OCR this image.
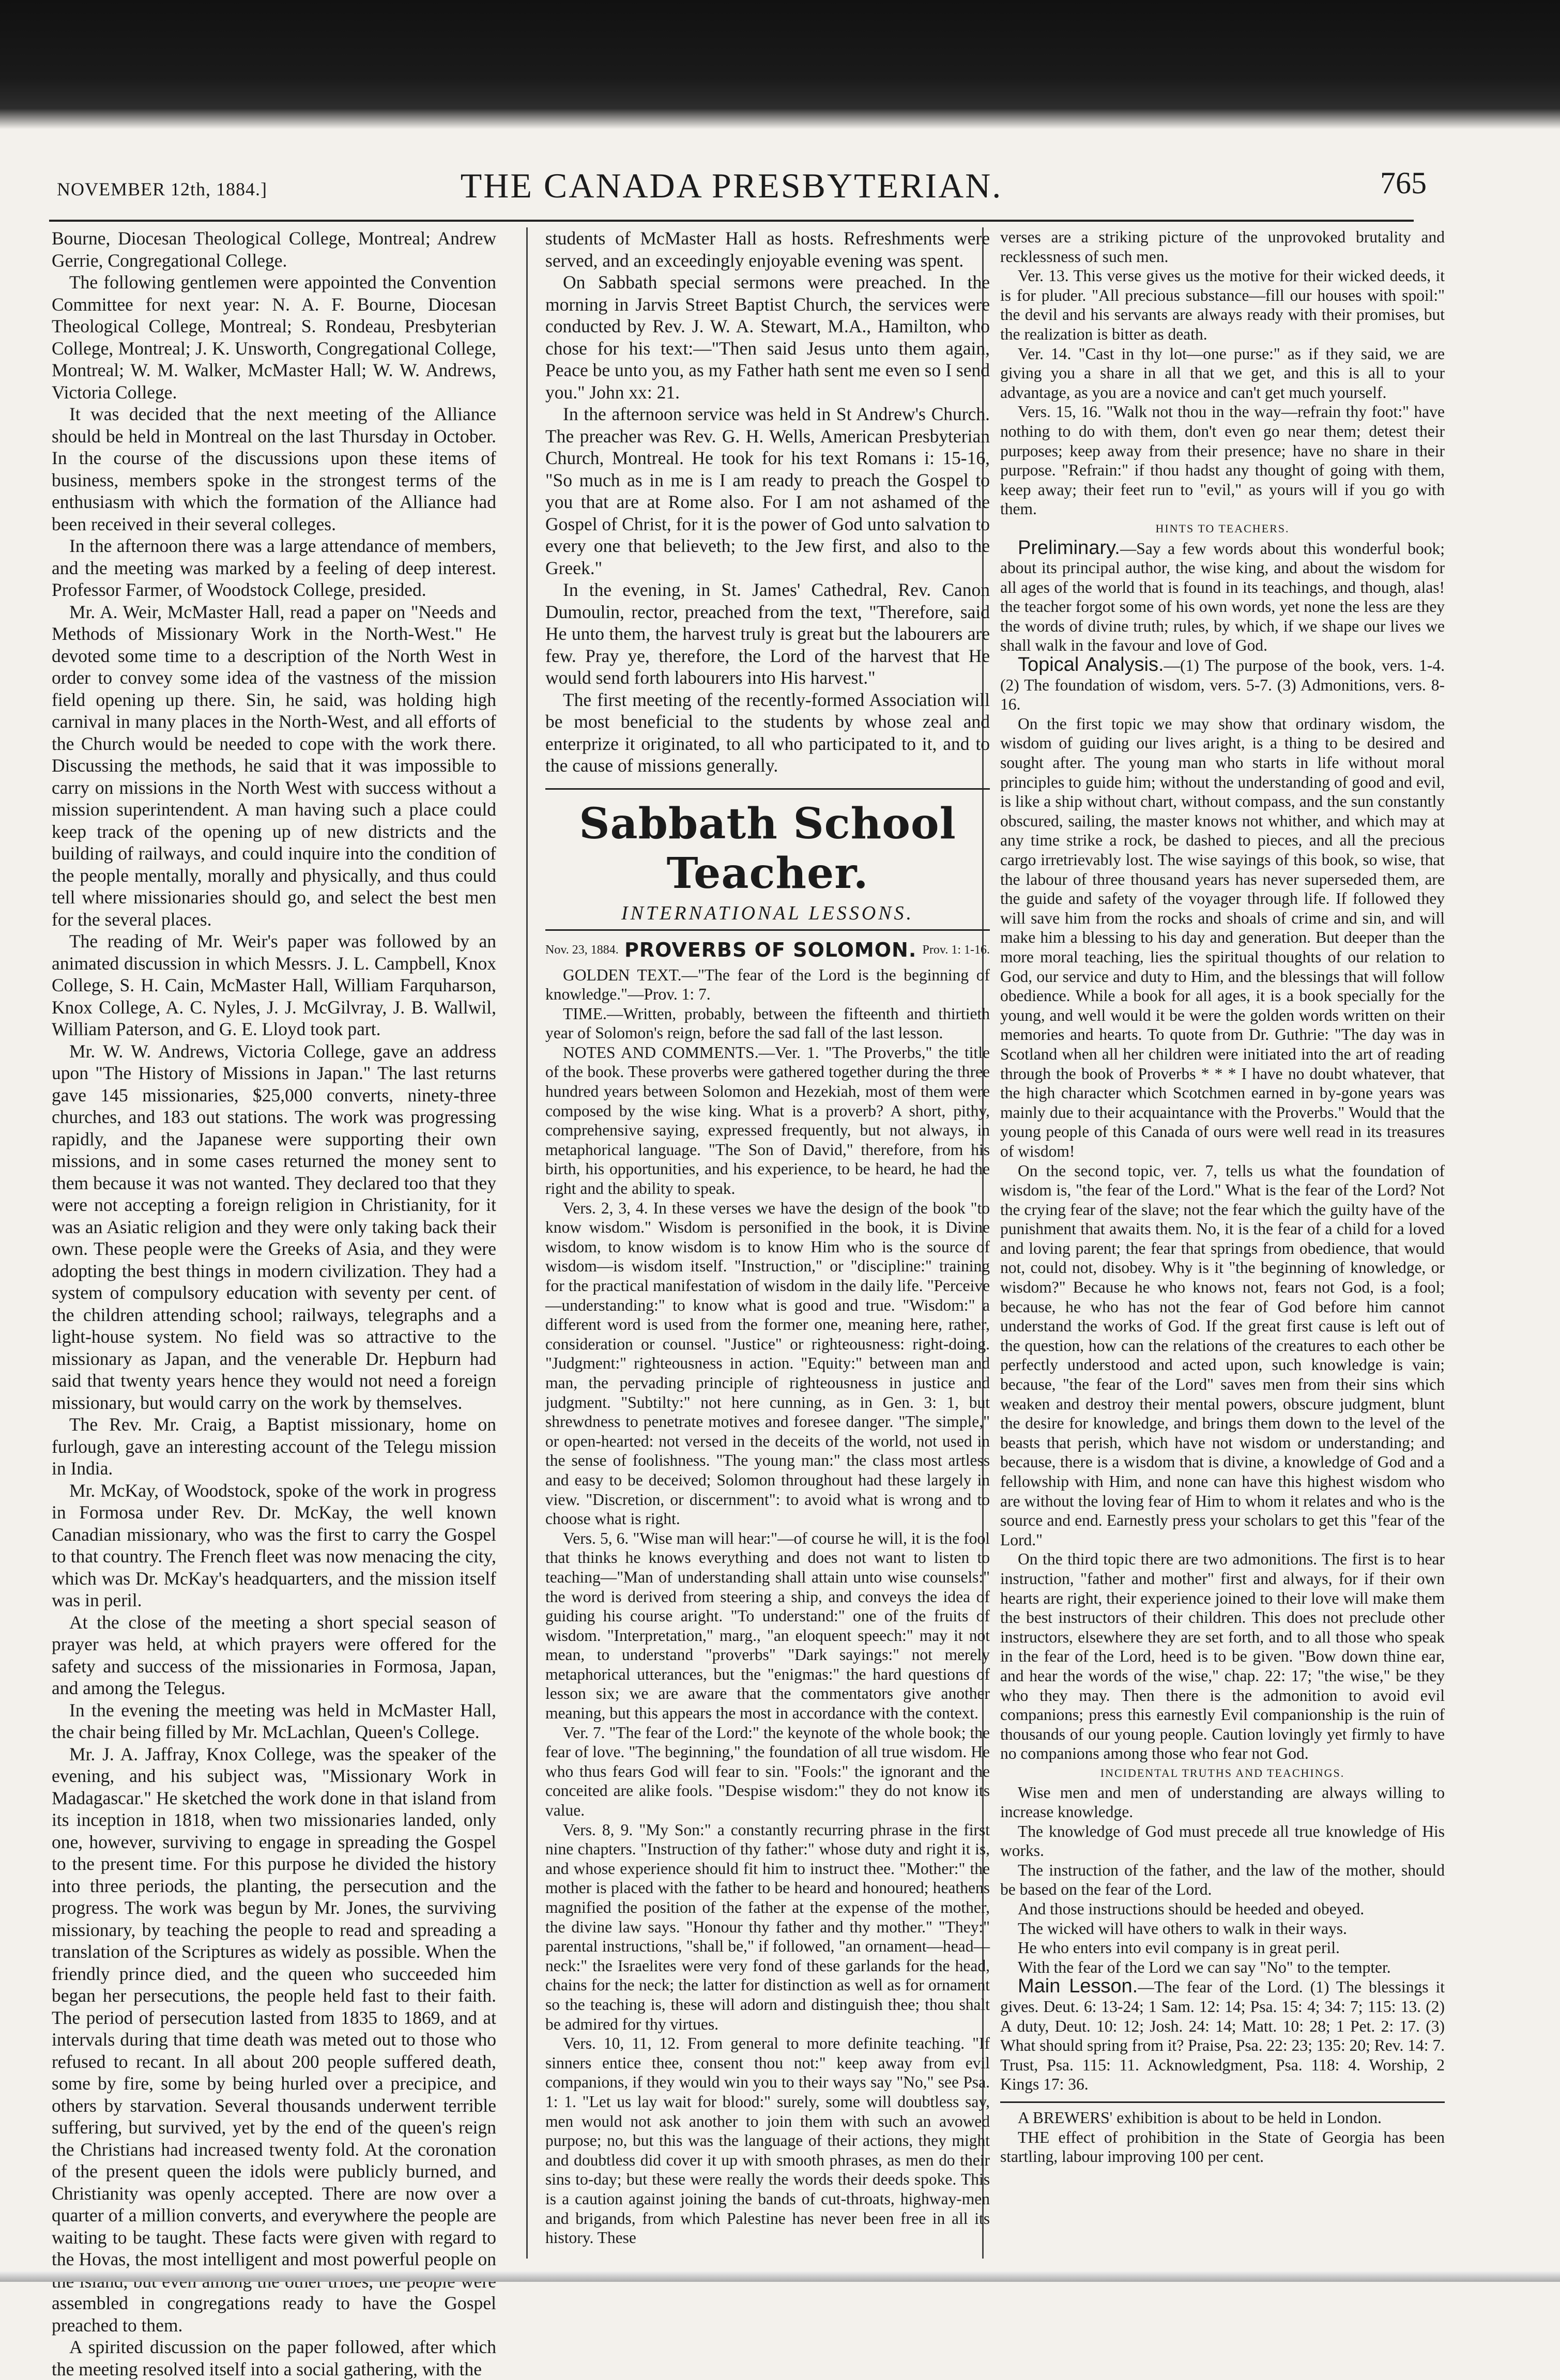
NOVEMBER 12th, 1884.]	THE CANADA PRESBYTERIAN.	765

Bourne, Diocesan Theological College, Montreal; Andrew Gerrie, Congregational College.

The following gentlemen were appointed the Convention Committee for next year: N. A. F. Bourne, Diocesan Theological College, Montreal; S. Rondeau, Presbyterian College, Montreal; J. K. Unsworth, Congregational College, Montreal; W. M. Walker, McMaster Hall; W. W. Andrews, Victoria College.

It was decided that the next meeting of the Alliance should be held in Montreal on the last Thursday in October. In the course of the discussions upon these items of business, members spoke in the strongest terms of the enthusiasm with which the formation of the Alliance had been received in their several colleges.

In the afternoon there was a large attendance of members, and the meeting was marked by a feeling of deep interest. Professor Farmer, of Woodstock College, presided.

Mr. A. Weir, McMaster Hall, read a paper on "Needs and Methods of Missionary Work in the North-West." He devoted some time to a description of the North West in order to convey some idea of the vastness of the mission field opening up there. Sin, he said, was holding high carnival in many places in the North-West, and all efforts of the Church would be needed to cope with the work there. Discussing the methods, he said that it was impossible to carry on missions in the North West with success without a mission superintendent. A man having such a place could keep track of the opening up of new districts and the building of railways, and could inquire into the condition of the people mentally, morally and physically, and thus could tell where missionaries should go, and select the best men for the several places.

The reading of Mr. Weir's paper was followed by an animated discussion in which Messrs. J. L. Campbell, Knox College, S. H. Cain, McMaster Hall, William Farquharson, Knox College, A. C. Nyles, J. J. McGilvray, J. B. Wallwil, William Paterson, and G. E. Lloyd took part.

Mr. W. W. Andrews, Victoria College, gave an address upon "The History of Missions in Japan." The last returns gave 145 missionaries, $25,000 converts, ninety-three churches, and 183 out stations. The work was progressing rapidly, and the Japanese were supporting their own missions, and in some cases returned the money sent to them because it was not wanted. They declared too that they were not accepting a foreign religion in Christianity, for it was an Asiatic religion and they were only taking back their own. These people were the Greeks of Asia, and they were adopting the best things in modern civilization. They had a system of compulsory education with seventy per cent. of the children attending school; railways, telegraphs and a light-house system. No field was so attractive to the missionary as Japan, and the venerable Dr. Hepburn had said that twenty years hence they would not need a foreign missionary, but would carry on the work by themselves.

The Rev. Mr. Craig, a Baptist missionary, home on furlough, gave an interesting account of the Telegu mission in India.

Mr. McKay, of Woodstock, spoke of the work in progress in Formosa under Rev. Dr. McKay, the well known Canadian missionary, who was the first to carry the Gospel to that country. The French fleet was now menacing the city, which was Dr. McKay's headquarters, and the mission itself was in peril.

At the close of the meeting a short special season of prayer was held, at which prayers were offered for the safety and success of the missionaries in Formosa, Japan, and among the Telegus.

In the evening the meeting was held in McMaster Hall, the chair being filled by Mr. McLachlan, Queen's College.

Mr. J. A. Jaffray, Knox College, was the speaker of the evening, and his subject was, "Missionary Work in Madagascar." He sketched the work done in that island from its inception in 1818, when two missionaries landed, only one, however, surviving to engage in spreading the Gospel to the present time. For this purpose he divided the history into three periods, the planting, the persecution and the progress. The work was begun by Mr. Jones, the surviving missionary, by teaching the people to read and spreading a translation of the Scriptures as widely as possible. When the friendly prince died, and the queen who succeeded him began her persecutions, the people held fast to their faith. The period of persecution lasted from 1835 to 1869, and at intervals during that time death was meted out to those who refused to recant. In all about 200 people suffered death, some by fire, some by being hurled over a precipice, and others by starvation. Several thousands underwent terrible suffering, but survived, yet by the end of the queen's reign the Christians had increased twenty fold. At the coronation of the present queen the idols were publicly burned, and Christianity was openly accepted. There are now over a quarter of a million converts, and everywhere the people are waiting to be taught. These facts were given with regard to the Hovas, the most intelligent and most powerful people on assembled in congregations ready to have the Gospel preached to them.

A spirited discussion on the paper followed, after which the meeting resolved itself into a social gathering, with the

students of McMaster Hall as hosts. Refreshments were served, and an exceedingly enjoyable evening was spent.

On Sabbath special sermons were preached. In the morning in Jarvis Street Baptist Church, the services were conducted by Rev. J. W. A. Stewart, M.A., Hamilton, who chose for his text:—"Then said Jesus unto them again, Peace be unto you, as my Father hath sent me even so I send you." John xx: 21.

In the afternoon service was held in St Andrew's Church. The preacher was Rev. G. H. Wells, American Presbyterian Church, Montreal. He took for his text Romans i: 15-16, "So much as in me is I am ready to preach the Gospel to you that are at Rome also. For I am not ashamed of the Gospel of Christ, for it is the power of God unto salvation to every one that believeth; to the Jew first, and also to the Greek."

In the evening, in St. James' Cathedral, Rev. Canon Dumoulin, rector, preached from the text, "Therefore, said He unto them, the harvest truly is great but the labourers are few. Pray ye, therefore, the Lord of the harvest that He would send forth labourers into His harvest."

The first meeting of the recently-formed Association will be most beneficial to the students by whose zeal and enterprize it originated, to all who participated to it, and to the cause of missions generally.

Sabbath School Teacher.
INTERNATIONAL LESSONS.
Nov. 23, 1884. PROVERBS OF SOLOMON. Prov. 1: 1-16.

GOLDEN TEXT.—"The fear of the Lord is the beginning of knowledge."—Prov. 1: 7.

TIME.—Written, probably, between the fifteenth and thirtieth year of Solomon's reign, before the sad fall of the last lesson.

NOTES AND COMMENTS.—Ver. 1. "The Proverbs," the title of the book. These proverbs were gathered together during the three hundred years between Solomon and Hezekiah, most of them were composed by the wise king. What is a proverb? A short, pithy, comprehensive saying, expressed frequently, but not always, in metaphorical language. "The Son of David," therefore, from his birth, his opportunities, and his experience, to be heard, he had the right and the ability to speak.

Vers. 2, 3, 4. In these verses we have the design of the book "to know wisdom." Wisdom is personified in the book, it is Divine wisdom, to know wisdom is to know Him who is the source of wisdom—is wisdom itself. "Instruction," or "discipline:" training for the practical manifestation of wisdom in the daily life. "Perceive—understanding:" to know what is good and true. "Wisdom:" a different word is used from the former one, meaning here, rather, consideration or counsel. "Justice" or righteousness: right-doing. "Judgment:" righteousness in action. "Equity:" between man and man, the pervading principle of righteousness in justice and judgment. "Subtilty:" not here cunning, as in Gen. 3: 1, but shrewdness to penetrate motives and foresee danger. "The simple," or open-hearted: not versed in the deceits of the world, not used in the sense of foolishness. "The young man:" the class most artless and easy to be deceived; Solomon throughout had these largely in view. "Discretion, or discernment": to avoid what is wrong and to choose what is right.

Vers. 5, 6. "Wise man will hear:"—of course he will, it is the fool that thinks he knows everything and does not want to listen to teaching—"Man of understanding shall attain unto wise counsels:" the word is derived from steering a ship, and conveys the idea of guiding his course aright. "To understand:" one of the fruits of wisdom. "Interpretation," marg., "an eloquent speech:" may it not mean, to understand "proverbs" "Dark sayings:" not merely metaphorical utterances, but the "enigmas:" the hard questions of lesson six; we are aware that the commentators give another meaning, but this appears the most in accordance with the context.

Ver. 7. "The fear of the Lord:" the keynote of the whole book; the fear of love. "The beginning," the foundation of all true wisdom. He who thus fears God will fear to sin. "Fools:" the ignorant and the conceited are alike fools. "Despise wisdom:" they do not know its value.

Vers. 8, 9. "My Son:" a constantly recurring phrase in the first nine chapters. "Instruction of thy father:" whose duty and right it is, and whose experience should fit him to instruct thee. "Mother:" the mother is placed with the father to be heard and honoured; heathens magnified the position of the father at the expense of the mother, the divine law says. "Honour thy father and thy mother." "They:" parental instructions, "shall be," if followed, "an ornament—head—neck:" the Israelites were very fond of these garlands for the head, chains for the neck; the latter for distinction as well as for ornament so the teaching is, these will adorn and distinguish thee; thou shalt be admired for thy virtues.

Vers. 10, 11, 12. From general to more definite teaching. "If sinners entice thee, consent thou not:" keep away from evil companions, if they would win you to their ways say "No," see Psa. 1: 1. "Let us lay wait for blood:" surely, some will doubtless say, men would not ask another to join them with such an avowed purpose; no, but this was the language of their actions, they might and doubtless did cover it up with smooth phrases, as men do their sins to-day; but these were really the words their deeds spoke. This is a caution against joining the bands of cut-throats, highway-men and brigands, from which Palestine has never been free in all its history. These

verses are a striking picture of the unprovoked brutality and recklessness of such men.

Ver. 13. This verse gives us the motive for their wicked deeds, it is for pluder. "All precious substance—fill our houses with spoil:" the devil and his servants are always ready with their promises, but the realization is bitter as death.

Ver. 14. "Cast in thy lot—one purse:" as if they said, we are giving you a share in all that we get, and this is all to your advantage, as you are a novice and can't get much yourself.

Vers. 15, 16. "Walk not thou in the way—refrain thy foot:" have nothing to do with them, don't even go near them; detest their purposes; keep away from their presence; have no share in their purpose. "Refrain:" if thou hadst any thought of going with them, keep away; their feet run to "evil," as yours will if you go with them.

HINTS TO TEACHERS.

Preliminary.—Say a few words about this wonderful book; about its principal author, the wise king, and about the wisdom for all ages of the world that is found in its teachings, and though, alas! the teacher forgot some of his own words, yet none the less are they the words of divine truth; rules, by which, if we shape our lives we shall walk in the favour and love of God.

Topical Analysis.—(1) The purpose of the book, vers. 1-4. (2) The foundation of wisdom, vers. 5-7. (3) Admonitions, vers. 8-16.

On the first topic we may show that ordinary wisdom, the wisdom of guiding our lives aright, is a thing to be desired and sought after. The young man who starts in life without moral principles to guide him; without the understanding of good and evil, is like a ship without chart, without compass, and the sun constantly obscured, sailing, the master knows not whither, and which may at any time strike a rock, be dashed to pieces, and all the precious cargo irretrievably lost. The wise sayings of this book, so wise, that the labour of three thousand years has never superseded them, are the guide and safety of the voyager through life. If followed they will save him from the rocks and shoals of crime and sin, and will make him a blessing to his day and generation. But deeper than the more moral teaching, lies the spiritual thoughts of our relation to God, our service and duty to Him, and the blessings that will follow obedience. While a book for all ages, it is a book specially for the young, and well would it be were the golden words written on their memories and hearts. To quote from Dr. Guthrie: "The day was in Scotland when all her children were initiated into the art of reading through the book of Proverbs * * * I have no doubt whatever, that the high character which Scotchmen earned in by-gone years was mainly due to their acquaintance with the Proverbs." Would that the young people of this Canada of ours were well read in its treasures of wisdom!

On the second topic, ver. 7, tells us what the foundation of wisdom is, "the fear of the Lord." What is the fear of the Lord? Not the crying fear of the slave; not the fear which the guilty have of the punishment that awaits them. No, it is the fear of a child for a loved and loving parent; the fear that springs from obedience, that would not, could not, disobey. Why is it "the beginning of knowledge, or wisdom?" Because he who knows not, fears not God, is a fool; because, he who has not the fear of God before him cannot understand the works of God. If the great first cause is left out of the question, how can the relations of the creatures to each other be perfectly understood and acted upon, such knowledge is vain; because, "the fear of the Lord" saves men from their sins which weaken and destroy their mental powers, obscure judgment, blunt the desire for knowledge, and brings them down to the level of the beasts that perish, which have not wisdom or understanding; and because, there is a wisdom that is divine, a knowledge of God and a fellowship with Him, and none can have this highest wisdom who are without the loving fear of Him to whom it relates and who is the source and end. Earnestly press your scholars to get this "fear of the Lord."

On the third topic there are two admonitions. The first is to hear instruction, "father and mother" first and always, for if their own hearts are right, their experience joined to their love will make them the best instructors of their children. This does not preclude other instructors, elsewhere they are set forth, and to all those who speak in the fear of the Lord, heed is to be given. "Bow down thine ear, and hear the words of the wise," chap. 22: 17; "the wise," be they who they may. Then there is the admonition to avoid evil companions; press this earnestly Evil companionship is the ruin of thousands of our young people. Caution lovingly yet firmly to have no companions among those who fear not God.

INCIDENTAL TRUTHS AND TEACHINGS.

Wise men and men of understanding are always willing to increase knowledge.

The knowledge of God must precede all true knowledge of His works.

The instruction of the father, and the law of the mother, should be based on the fear of the Lord.

And those instructions should be heeded and obeyed.

The wicked will have others to walk in their ways.

He who enters into evil company is in great peril.

With the fear of the Lord we can say "No" to the tempter.

Main Lesson.—The fear of the Lord. (1) The blessings it gives. Deut. 6: 13-24; 1 Sam. 12: 14; Psa. 15: 4; 34: 7; 115: 13. (2) A duty, Deut. 10: 12; Josh. 24: 14; Matt. 10: 28; 1 Pet. 2: 17. (3) What should spring from it? Praise, Psa. 22: 23; 135: 20; Rev. 14: 7. Trust, Psa. 115: 11. Acknowledgment, Psa. 118: 4. Worship, 2 Kings 17: 36.

A BREWERS' exhibition is about to be held in London.

THE effect of prohibition in the State of Georgia has been startling, labour improving 100 per cent.
